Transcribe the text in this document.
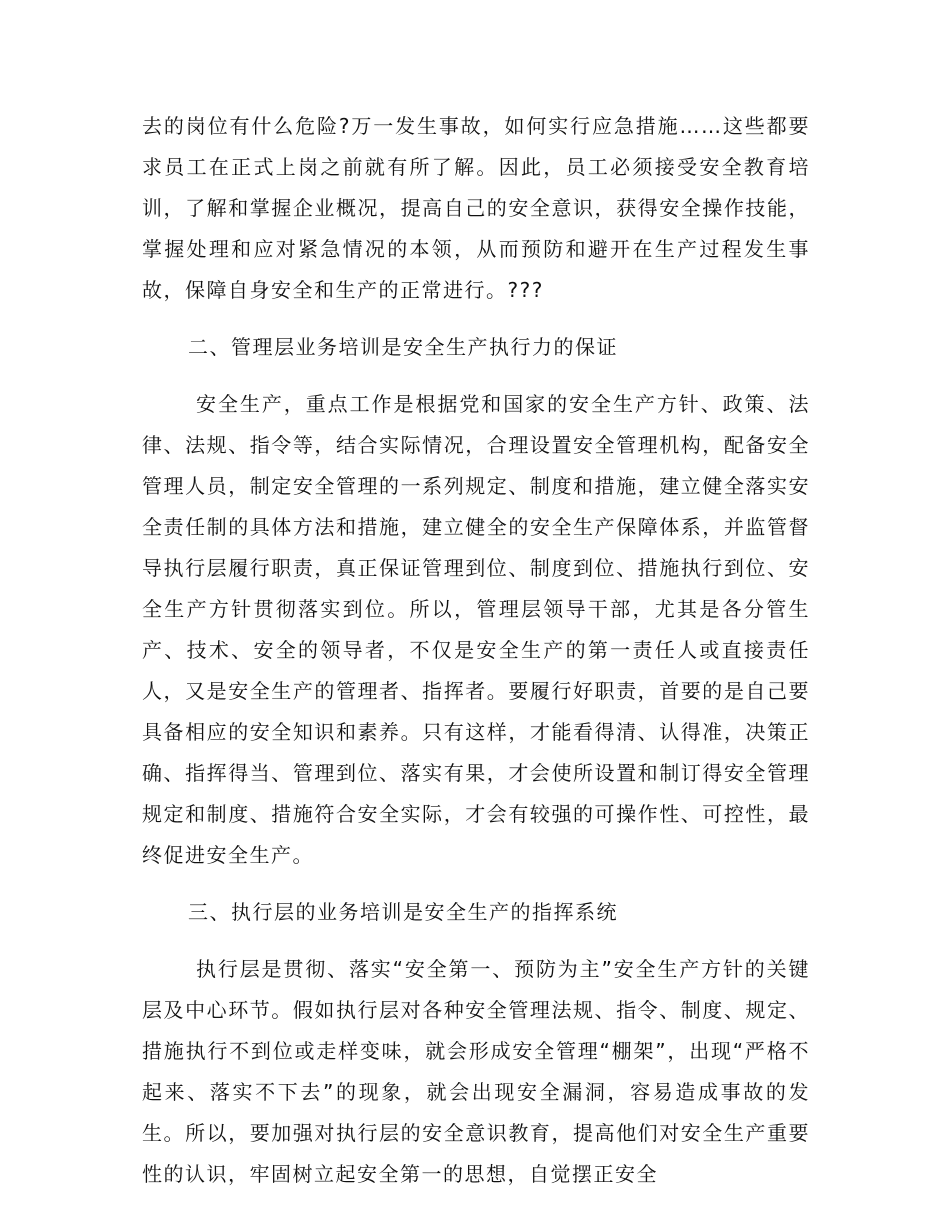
去的岗位有什么危险?万一发生事故，如何实行应急措施……这些都要求员工在正式上岗之前就有所了解。因此，员工必须接受安全教育培训，了解和掌握企业概况，提高自己的安全意识，获得安全操作技能，掌握处理和应对紧急情况的本领，从而预防和避开在生产过程发生事故，保障自身安全和生产的正常进行。???

二、管理层业务培训是安全生产执行力的保证

安全生产，重点工作是根据党和国家的安全生产方针、政策、法律、法规、指令等，结合实际情况，合理设置安全管理机构，配备安全管理人员，制定安全管理的一系列规定、制度和措施，建立健全落实安全责任制的具体方法和措施，建立健全的安全生产保障体系，并监管督导执行层履行职责，真正保证管理到位、制度到位、措施执行到位、安全生产方针贯彻落实到位。所以，管理层领导干部，尤其是各分管生产、技术、安全的领导者，不仅是安全生产的第一责任人或直接责任人，又是安全生产的管理者、指挥者。要履行好职责，首要的是自己要具备相应的安全知识和素养。只有这样，才能看得清、认得准，决策正确、指挥得当、管理到位、落实有果，才会使所设置和制订得安全管理规定和制度、措施符合安全实际，才会有较强的可操作性、可控性，最终促进安全生产。

三、执行层的业务培训是安全生产的指挥系统

执行层是贯彻、落实“安全第一、预防为主”安全生产方针的关键层及中心环节。假如执行层对各种安全管理法规、指令、制度、规定、措施执行不到位或走样变味，就会形成安全管理“棚架”，出现“严格不起来、落实不下去”的现象，就会出现安全漏洞，容易造成事故的发生。所以，要加强对执行层的安全意识教育，提高他们对安全生产重要性的认识，牢固树立起安全第一的思想，自觉摆正安全
